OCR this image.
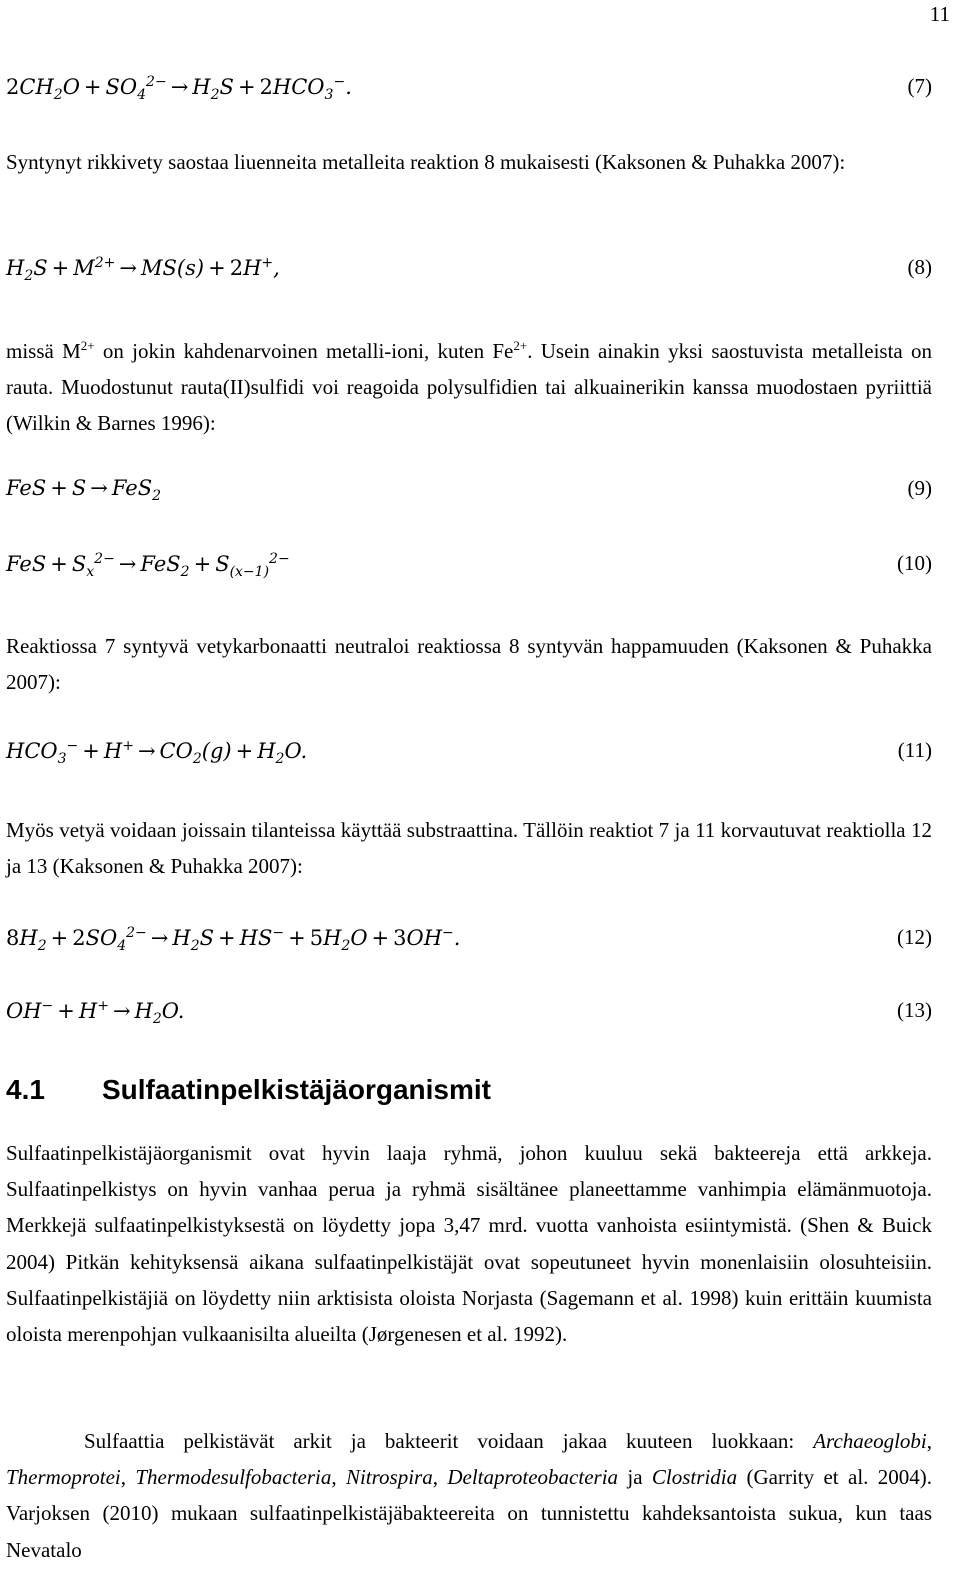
11
$2CH_2O + SO_4^{2-} \to H_2S + 2HCO_3^-$.	(7)
Syntynyt rikkivety saostaa liuenneita metalleita reaktion 8 mukaisesti (Kaksonen & Puhakka 2007):
$H_2S + M^{2+} \to MS(s) + 2H^+$,	(8)
missä $M^{2+}$ on jokin kahdenarvoinen metalli-ioni, kuten $Fe^{2+}$. Usein ainakin yksi saostuvista metalleista on rauta. Muodostunut rauta(II)sulfidi voi reagoida polysulfidien tai alkuainerikin kanssa muodostaen pyriittiä (Wilkin & Barnes 1996):
FeS + S → FeS$_2$	(9)
FeS + $S_x^{2-} \to FeS_2 + S_{(x-1)}^{2-}$	(10)
Reaktiossa 7 syntyvä vetykarbonaatti neutraloi reaktiossa 8 syntyvän happamuuden (Kaksonen & Puhakka 2007):
$HCO_3^- + H^+ \to CO_2(g) + H_2O$.	(11)
Myös vetyä voidaan joissain tilanteissa käyttää substraattina. Tällöin reaktiot 7 ja 11 korvautuvat reaktiolla 12 ja 13 (Kaksonen & Puhakka 2007):
$8H_2 + 2SO_4^{2-} \to H_2S + HS^- + 5H_2O + 3OH^-$.	(12)
$OH^- + H^+ \to H_2O$.	(13)
4.1 Sulfaatinpelkistäjäorganismit
Sulfaatinpelkistäjäorganismit ovat hyvin laaja ryhmä, johon kuuluu sekä bakteereja että arkkeja. Sulfaatinpelkistys on hyvin vanhaa perua ja ryhmä sisältänee planeettamme vanhimpia elämänmuotoja. Merkkejä sulfaatinpelkistyksestä on löydetty jopa 3,47 mrd. vuotta vanhoista esiintymistä. (Shen & Buick 2004) Pitkän kehityksensä aikana sulfaatinpelkistäjät ovat sopeutuneet hyvin monenlaisiin olosuhteisiin. Sulfaatinpelkistäjiä on löydetty niin arktisista oloista Norjasta (Sagemann et al. 1998) kuin erittäin kuumista oloista merenpohjan vulkaanisilta alueilta (Jørgenesen et al. 1992).
Sulfaattia pelkistävät arkit ja bakteerit voidaan jakaa kuuteen luokkaan: Archaeoglobi, Thermoprotei, Thermodesulfobacteria, Nitrospira, Deltaproteobacteria ja Clostridia (Garrity et al. 2004). Varjoksen (2010) mukaan sulfaatinpelkistäjäbakteereita on tunnistettu kahdeksantoista sukua, kun taas Nevatalo
